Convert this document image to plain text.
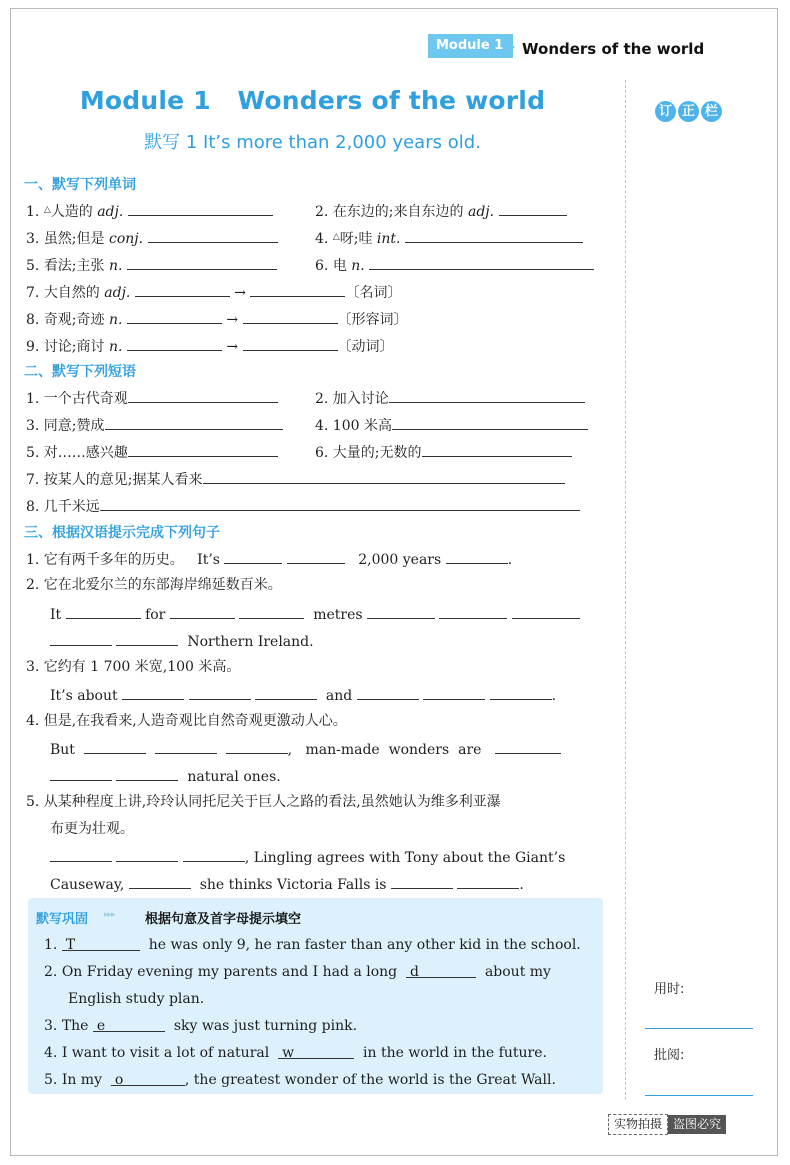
Module 1	Wonders of the world
Module 1   Wonders of the world
默写 1 It’s more than 2,000 years old.
订 正 栏
一、默写下列单词
1. △人造的 adj.	2. 在东边的;来自东边的 adj.
3. 虽然;但是 conj.	4. △呀;哇 int.
5. 看法;主张 n.	6. 电 n.
7. 大自然的 adj.	→	〔名词〕
8. 奇观;奇迹 n.	→	〔形容词〕
9. 讨论;商讨 n.	→	〔动词〕
二、默写下列短语
1. 一个古代奇观	2. 加入讨论
3. 同意;赞成	4. 100 米高
5. 对……感兴趣	6. 大量的;无数的
7. 按某人的意见;据某人看来
8. 几千米远
三、根据汉语提示完成下列句子
1. 它有两千多年的历史。 It’s	2,000 years	.
2. 它在北爱尔兰的东部海岸绵延数百米。
It	for	metres
Northern Ireland.
3. 它约有 1 700 米宽,100 米高。
It’s about	and	.
4. 但是,在我看来,人造奇观比自然奇观更激动人心。
But	, man-made wonders are
natural ones.
5. 从某种程度上讲,玲玲认同托尼关于巨人之路的看法,虽然她认为维多利亚瀑
布更为壮观。
, Lingling agrees with Tony about the Giant’s
Causeway,	she thinks Victoria Falls is	.
默写巩固 ▸▸▸ 根据句意及首字母提示填空
1. T	he was only 9, he ran faster than any other kid in the school.
2. On Friday evening my parents and I had a long d	about my
English study plan.
3. The e	sky was just turning pink.
4. I want to visit a lot of natural w	in the world in the future.
5. In my o	, the greatest wonder of the world is the Great Wall.
用时:
批阅:
实物拍摄 盗图必究
